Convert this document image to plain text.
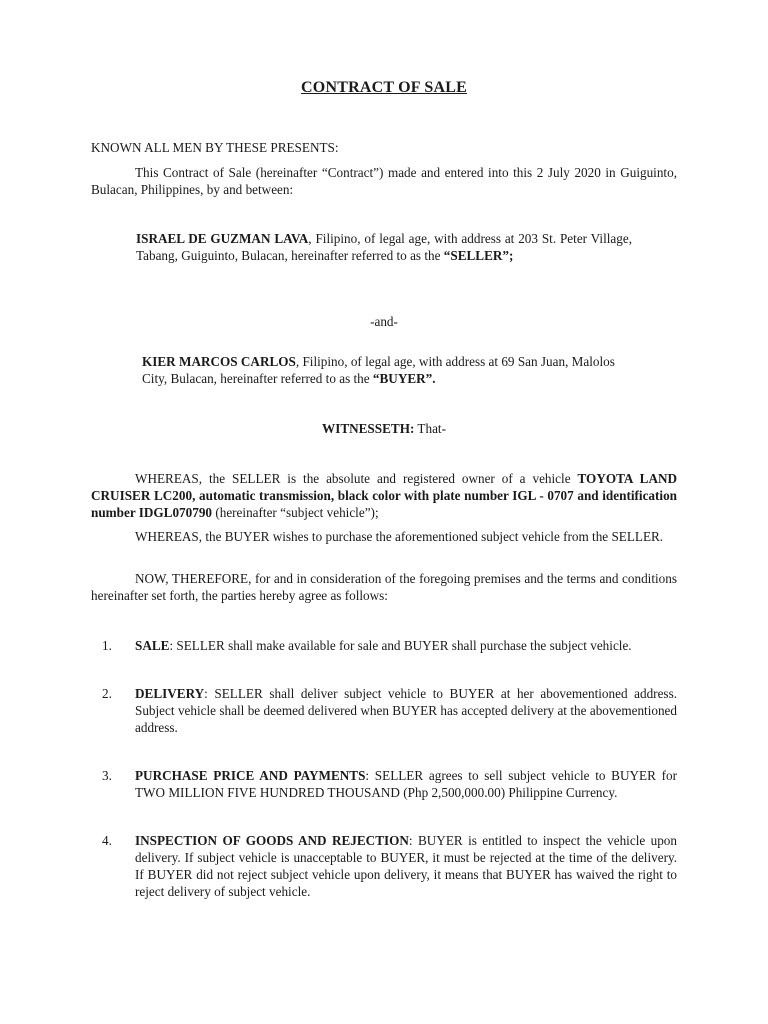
CONTRACT OF SALE
KNOWN ALL MEN BY THESE PRESENTS:
This Contract of Sale (hereinafter “Contract”) made and entered into this 2 July 2020 in Guiguinto, Bulacan, Philippines, by and between:
ISRAEL DE GUZMAN LAVA, Filipino, of legal age, with address at 203 St. Peter Village, Tabang, Guiguinto, Bulacan, hereinafter referred to as the “SELLER”;
-and-
KIER MARCOS CARLOS, Filipino, of legal age, with address at 69 San Juan, Malolos City, Bulacan, hereinafter referred to as the “BUYER”.
WITNESSETH: That-
WHEREAS, the SELLER is the absolute and registered owner of a vehicle TOYOTA LAND CRUISER LC200, automatic transmission, black color with plate number IGL - 0707 and identification number IDGL070790 (hereinafter “subject vehicle”);
WHEREAS, the BUYER wishes to purchase the aforementioned subject vehicle from the SELLER.
NOW, THEREFORE, for and in consideration of the foregoing premises and the terms and conditions hereinafter set forth, the parties hereby agree as follows:
1. SALE: SELLER shall make available for sale and BUYER shall purchase the subject vehicle.
2. DELIVERY: SELLER shall deliver subject vehicle to BUYER at her abovementioned address. Subject vehicle shall be deemed delivered when BUYER has accepted delivery at the abovementioned address.
3. PURCHASE PRICE AND PAYMENTS: SELLER agrees to sell subject vehicle to BUYER for TWO MILLION FIVE HUNDRED THOUSAND (Php 2,500,000.00) Philippine Currency.
4. INSPECTION OF GOODS AND REJECTION: BUYER is entitled to inspect the vehicle upon delivery. If subject vehicle is unacceptable to BUYER, it must be rejected at the time of the delivery. If BUYER did not reject subject vehicle upon delivery, it means that BUYER has waived the right to reject delivery of subject vehicle.
